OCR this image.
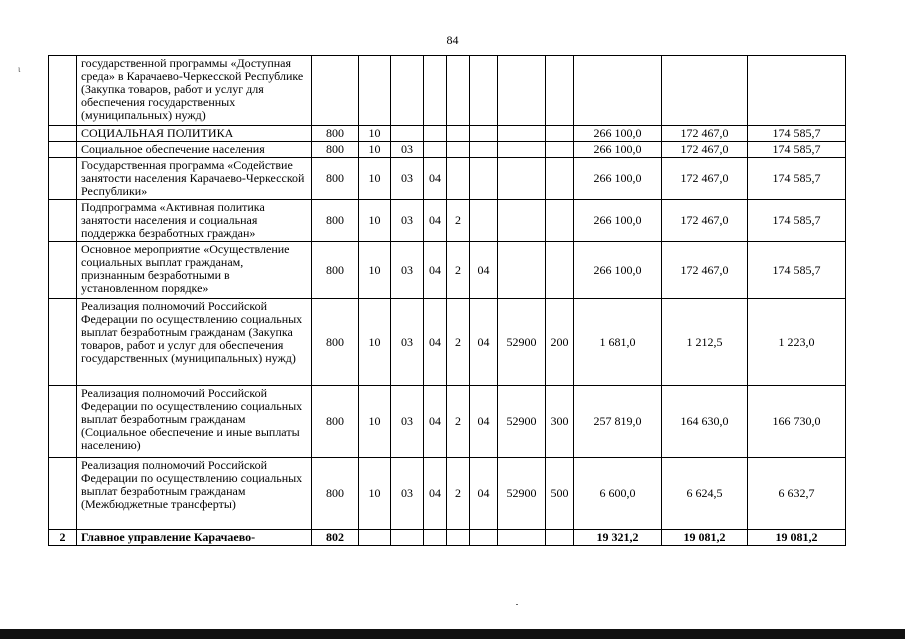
84
ι
		государственной программы «Доступная среда» в Карачаево-Черкесской Республике (Закупка товаров, работ и услуг для обеспечения государственных (муниципальных) нужд)											
	СОЦИАЛЬНАЯ ПОЛИТИКА	800	10							266 100,0	172 467,0	174 585,7
	Социальное обеспечение населения	800	10	03						266 100,0	172 467,0	174 585,7
	Государственная программа «Содействие занятости населения Карачаево-Черкесской Республики»	800	10	03	04					266 100,0	172 467,0	174 585,7
	Подпрограмма «Активная политика занятости населения и социальная поддержка безработных граждан»	800	10	03	04	2				266 100,0	172 467,0	174 585,7
	Основное мероприятие «Осуществление социальных выплат гражданам, признанным безработными в установленном порядке»	800	10	03	04	2	04			266 100,0	172 467,0	174 585,7
	Реализация полномочий Российской Федерации по осуществлению социальных выплат безработным гражданам (Закупка товаров, работ и услуг для обеспечения государственных (муниципальных) нужд)	800	10	03	04	2	04	52900	200	1 681,0	1 212,5	1 223,0
	Реализация полномочий Российской Федерации по осуществлению социальных выплат безработным гражданам (Социальное обеспечение и иные выплаты населению)	800	10	03	04	2	04	52900	300	257 819,0	164 630,0	166 730,0
	Реализация полномочий Российской Федерации по осуществлению социальных выплат безработным гражданам (Межбюджетные трансферты)	800	10	03	04	2	04	52900	500	6 600,0	6 624,5	6 632,7
2	Главное управление Карачаево-	802								19 321,2	19 081,2	19 081,2
